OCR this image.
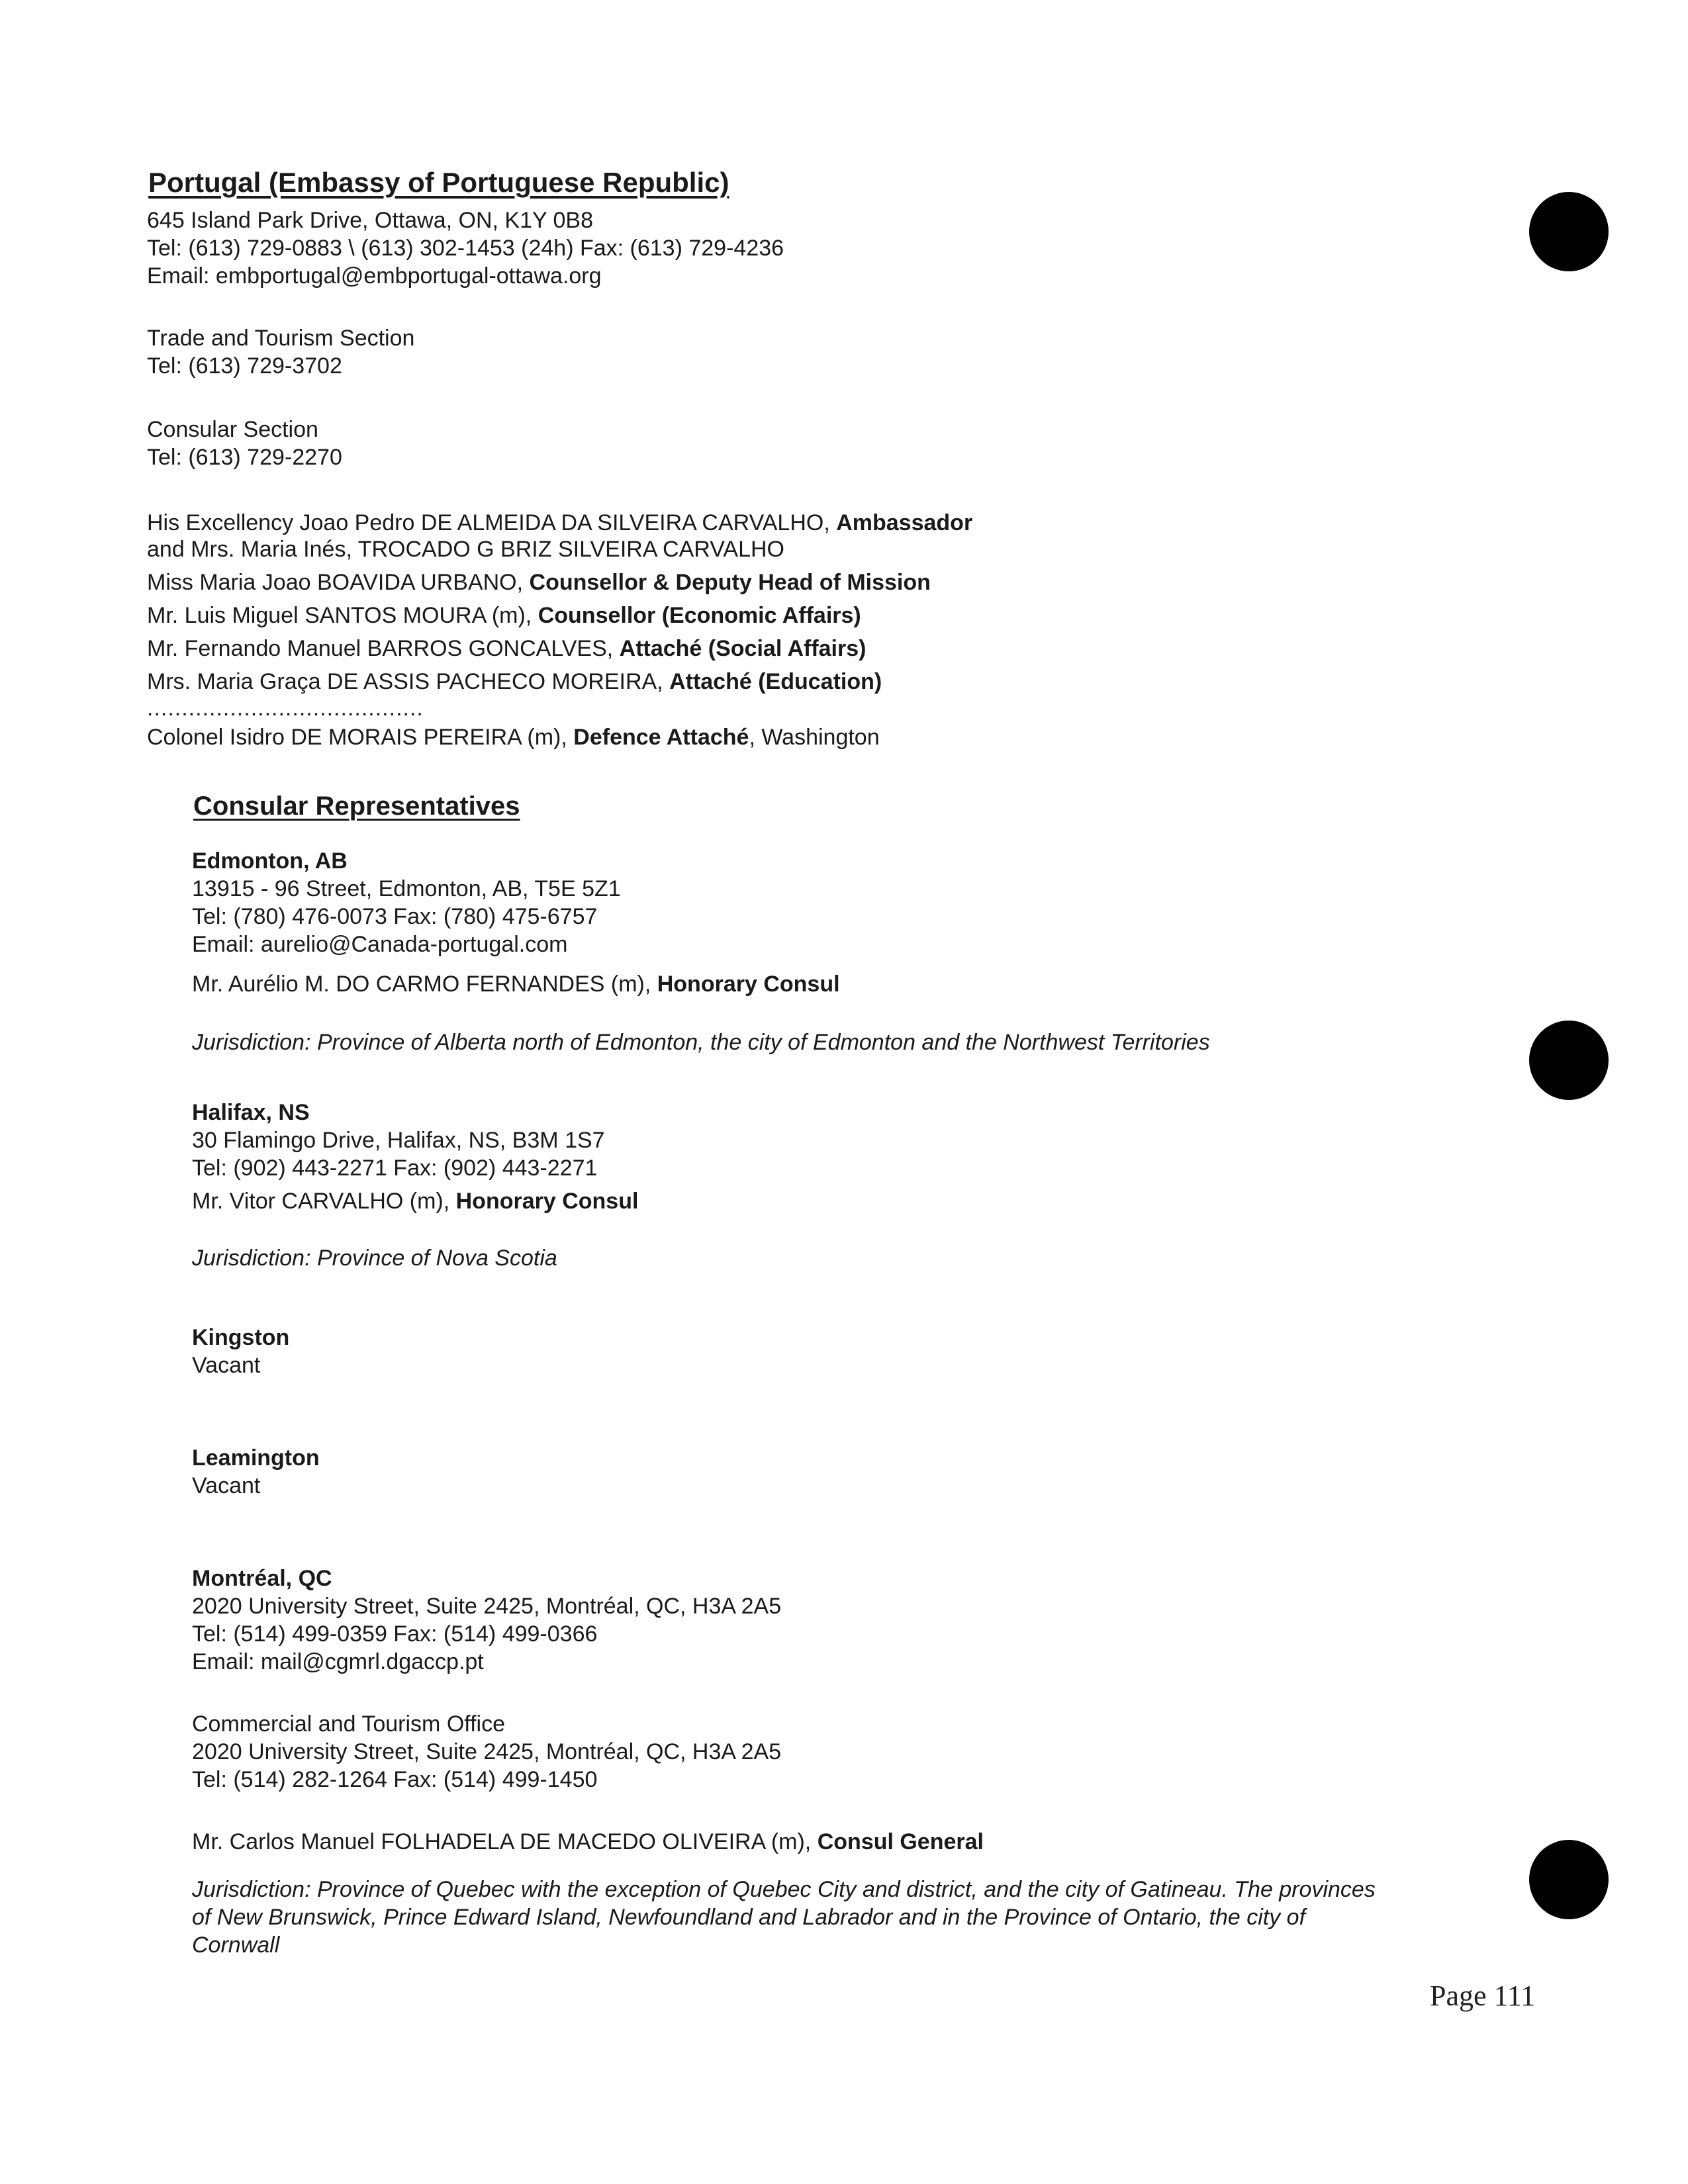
Portugal (Embassy of Portuguese Republic)
645 Island Park Drive, Ottawa, ON, K1Y 0B8
Tel: (613) 729-0883 \ (613) 302-1453 (24h) Fax: (613) 729-4236
Email: embportugal@embportugal-ottawa.org
Trade and Tourism Section
Tel: (613) 729-3702
Consular Section
Tel: (613) 729-2270
His Excellency Joao Pedro DE ALMEIDA DA SILVEIRA CARVALHO, Ambassador
and Mrs. Maria Inés, TROCADO G BRIZ SILVEIRA CARVALHO
Miss Maria Joao BOAVIDA URBANO, Counsellor & Deputy Head of Mission
Mr. Luis Miguel SANTOS MOURA (m), Counsellor (Economic Affairs)
Mr. Fernando Manuel BARROS GONCALVES, Attaché (Social Affairs)
Mrs. Maria Graça DE ASSIS PACHECO MOREIRA, Attaché (Education)
........................................
Colonel Isidro DE MORAIS PEREIRA (m), Defence Attaché, Washington
Consular Representatives
Edmonton, AB
13915 - 96 Street, Edmonton, AB, T5E 5Z1
Tel: (780) 476-0073 Fax: (780) 475-6757
Email: aurelio@Canada-portugal.com
Mr. Aurélio M. DO CARMO FERNANDES (m), Honorary Consul
Jurisdiction: Province of Alberta north of Edmonton, the city of Edmonton and the Northwest Territories
Halifax, NS
30 Flamingo Drive, Halifax, NS, B3M 1S7
Tel: (902) 443-2271 Fax: (902) 443-2271
Mr. Vitor CARVALHO (m), Honorary Consul
Jurisdiction: Province of Nova Scotia
Kingston
Vacant
Leamington
Vacant
Montréal, QC
2020 University Street, Suite 2425, Montréal, QC, H3A 2A5
Tel: (514) 499-0359 Fax: (514) 499-0366
Email: mail@cgmrl.dgaccp.pt
Commercial and Tourism Office
2020 University Street, Suite 2425, Montréal, QC, H3A 2A5
Tel: (514) 282-1264 Fax: (514) 499-1450
Mr. Carlos Manuel FOLHADELA DE MACEDO OLIVEIRA (m), Consul General
Jurisdiction: Province of Quebec with the exception of Quebec City and district, and the city of Gatineau. The provinces
of New Brunswick, Prince Edward Island, Newfoundland and Labrador and in the Province of Ontario, the city of
Cornwall
Page 111
